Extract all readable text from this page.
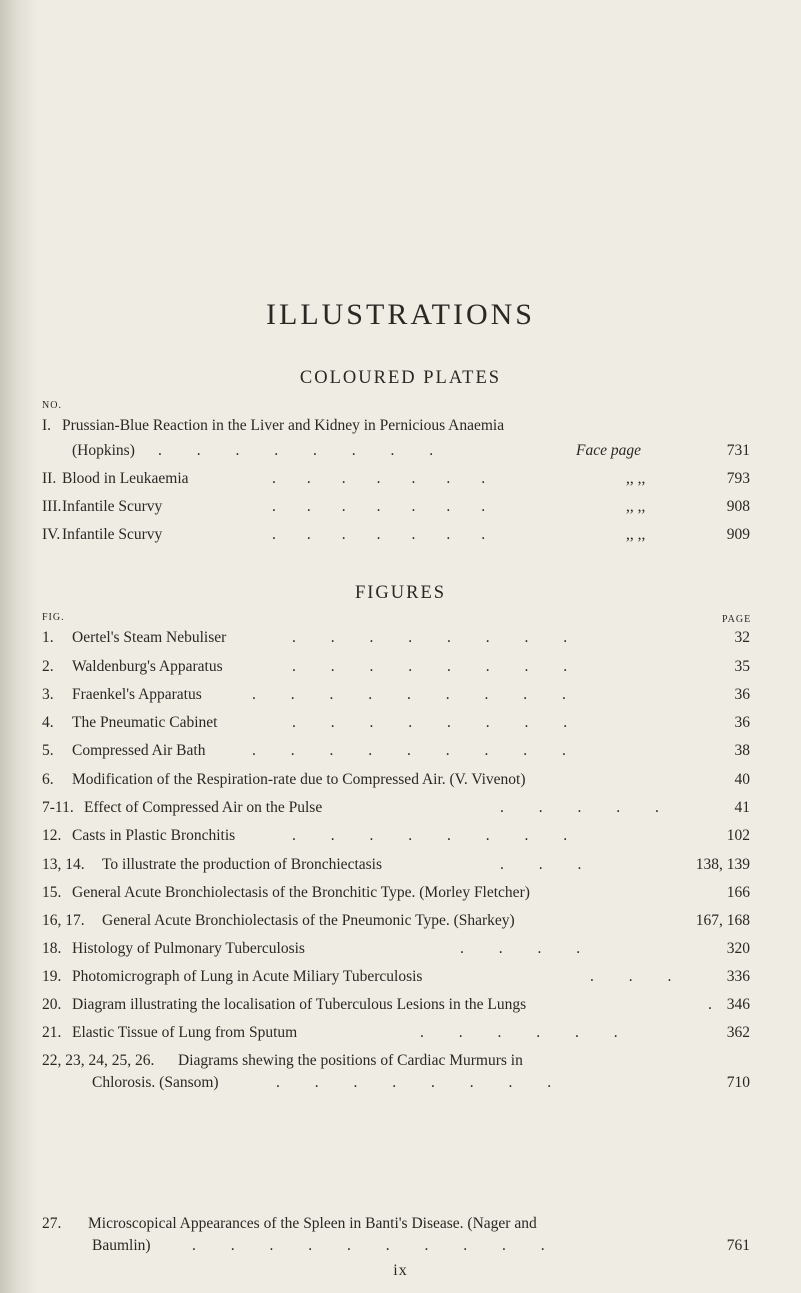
ILLUSTRATIONS
COLOURED PLATES
NO.
I. Prussian-Blue Reaction in the Liver and Kidney in Pernicious Anaemia
(Hopkins) .         .         .         .         .         .         .         .	Face page	731
II. Blood in Leukaemia	.        .        .        .        .        .        .	,, ,,	793
III. Infantile Scurvy	.        .        .        .        .        .        .	,, ,,	908
IV. Infantile Scurvy	.        .        .        .        .        .        .	,, ,,	909
FIGURES
FIG.	PAGE
1. Oertel's Steam Nebuliser	.         .         .         .         .         .         .         .	32
2. Waldenburg's Apparatus	.         .         .         .         .         .         .         .	35
3. Fraenkel's Apparatus	.         .         .         .         .         .         .         .         .	36
4. The Pneumatic Cabinet	.         .         .         .         .         .         .         .	36
5. Compressed Air Bath	.         .         .         .         .         .         .         .         .	38
6. Modification of the Respiration-rate due to Compressed Air. (V. Vivenot)	40
7-11. Effect of Compressed Air on the Pulse	.         .         .         .         .	41
12. Casts in Plastic Bronchitis	.         .         .         .         .         .         .         .	102
13, 14. To illustrate the production of Bronchiectasis	.         .         .	138, 139
15. General Acute Bronchiolectasis of the Bronchitic Type. (Morley Fletcher)	166
16, 17. General Acute Bronchiolectasis of the Pneumonic Type. (Sharkey)	167, 168
18. Histology of Pulmonary Tuberculosis	.         .         .         .	320
19. Photomicrograph of Lung in Acute Miliary Tuberculosis	.         .         .	336
20. Diagram illustrating the localisation of Tuberculous Lesions in the Lungs	. 346
21. Elastic Tissue of Lung from Sputum	.         .         .         .         .         .	362
22, 23, 24, 25, 26. Diagrams shewing the positions of Cardiac Murmurs in
Chlorosis. (Sansom)	.         .         .         .         .         .         .         .	710
27. Microscopical Appearances of the Spleen in Banti's Disease. (Nager and
Baumlin)	.         .         .         .         .         .         .         .         .         .	761
ix
